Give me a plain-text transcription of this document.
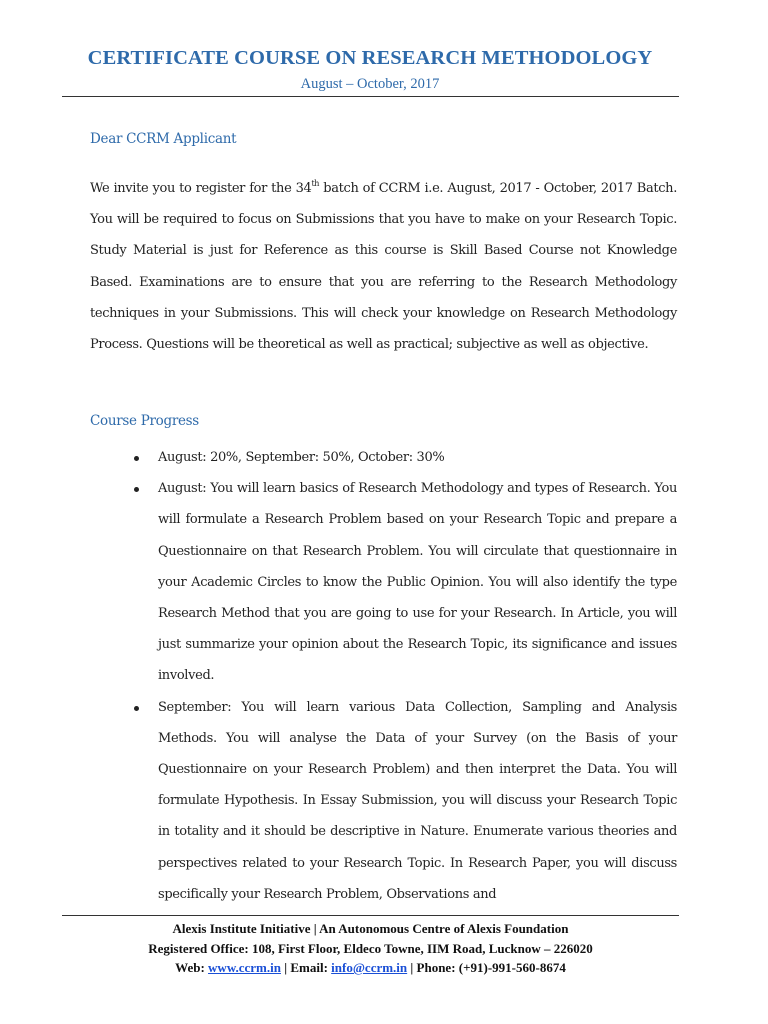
CERTIFICATE COURSE ON RESEARCH METHODOLOGY
August – October, 2017
Dear CCRM Applicant

We invite you to register for the 34th batch of CCRM i.e. August, 2017 - October, 2017 Batch. You will be required to focus on Submissions that you have to make on your Research Topic. Study Material is just for Reference as this course is Skill Based Course not Knowledge Based. Examinations are to ensure that you are referring to the Research Methodology techniques in your Submissions. This will check your knowledge on Research Methodology Process. Questions will be theoretical as well as practical; subjective as well as objective.

Course Progress
August: 20%, September: 50%, October: 30%
August: You will learn basics of Research Methodology and types of Research. You will formulate a Research Problem based on your Research Topic and prepare a Questionnaire on that Research Problem. You will circulate that questionnaire in your Academic Circles to know the Public Opinion. You will also identify the type Research Method that you are going to use for your Research. In Article, you will just summarize your opinion about the Research Topic, its significance and issues involved.
September: You will learn various Data Collection, Sampling and Analysis Methods. You will analyse the Data of your Survey (on the Basis of your Questionnaire on your Research Problem) and then interpret the Data. You will formulate Hypothesis. In Essay Submission, you will discuss your Research Topic in totality and it should be descriptive in Nature. Enumerate various theories and perspectives related to your Research Topic. In Research Paper, you will discuss specifically your Research Problem, Observations and
Alexis Institute Initiative | An Autonomous Centre of Alexis Foundation
Registered Office: 108, First Floor, Eldeco Towne, IIM Road, Lucknow – 226020
Web: www.ccrm.in | Email: info@ccrm.in | Phone: (+91)-991-560-8674
